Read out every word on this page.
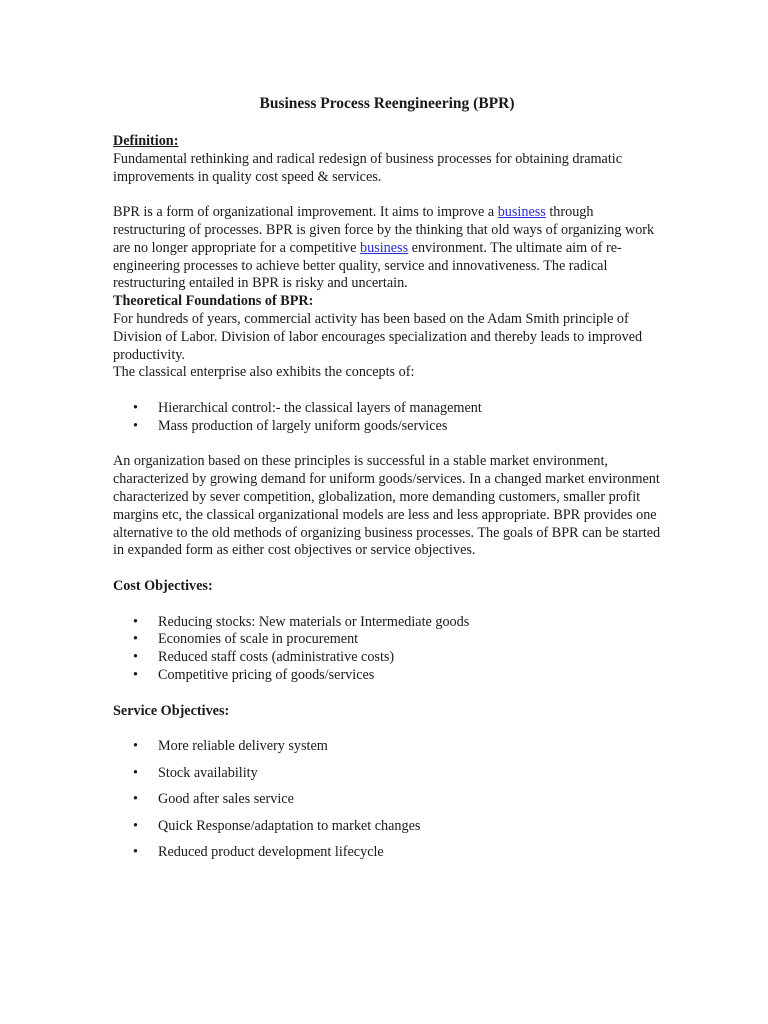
Business Process Reengineering (BPR)

Definition:

Fundamental rethinking and radical redesign of business processes for obtaining dramatic improvements in quality cost speed & services.

BPR is a form of organizational improvement. It aims to improve a business through restructuring of processes. BPR is given force by the thinking that old ways of organizing work are no longer appropriate for a competitive business environment. The ultimate aim of re-engineering processes to achieve better quality, service and innovativeness. The radical restructuring entailed in BPR is risky and uncertain.

Theoretical Foundations of BPR:

For hundreds of years, commercial activity has been based on the Adam Smith principle of Division of Labor. Division of labor encourages specialization and thereby leads to improved productivity.

The classical enterprise also exhibits the concepts of:

• Hierarchical control:- the classical layers of management
• Mass production of largely uniform goods/services

An organization based on these principles is successful in a stable market environment, characterized by growing demand for uniform goods/services. In a changed market environment characterized by sever competition, globalization, more demanding customers, smaller profit margins etc, the classical organizational models are less and less appropriate. BPR provides one alternative to the old methods of organizing business processes. The goals of BPR can be started in expanded form as either cost objectives or service objectives.

Cost Objectives:

• Reducing stocks: New materials or Intermediate goods
• Economies of scale in procurement
• Reduced staff costs (administrative costs)
• Competitive pricing of goods/services

Service Objectives:

• More reliable delivery system
• Stock availability
• Good after sales service
• Quick Response/adaptation to market changes
• Reduced product development lifecycle
